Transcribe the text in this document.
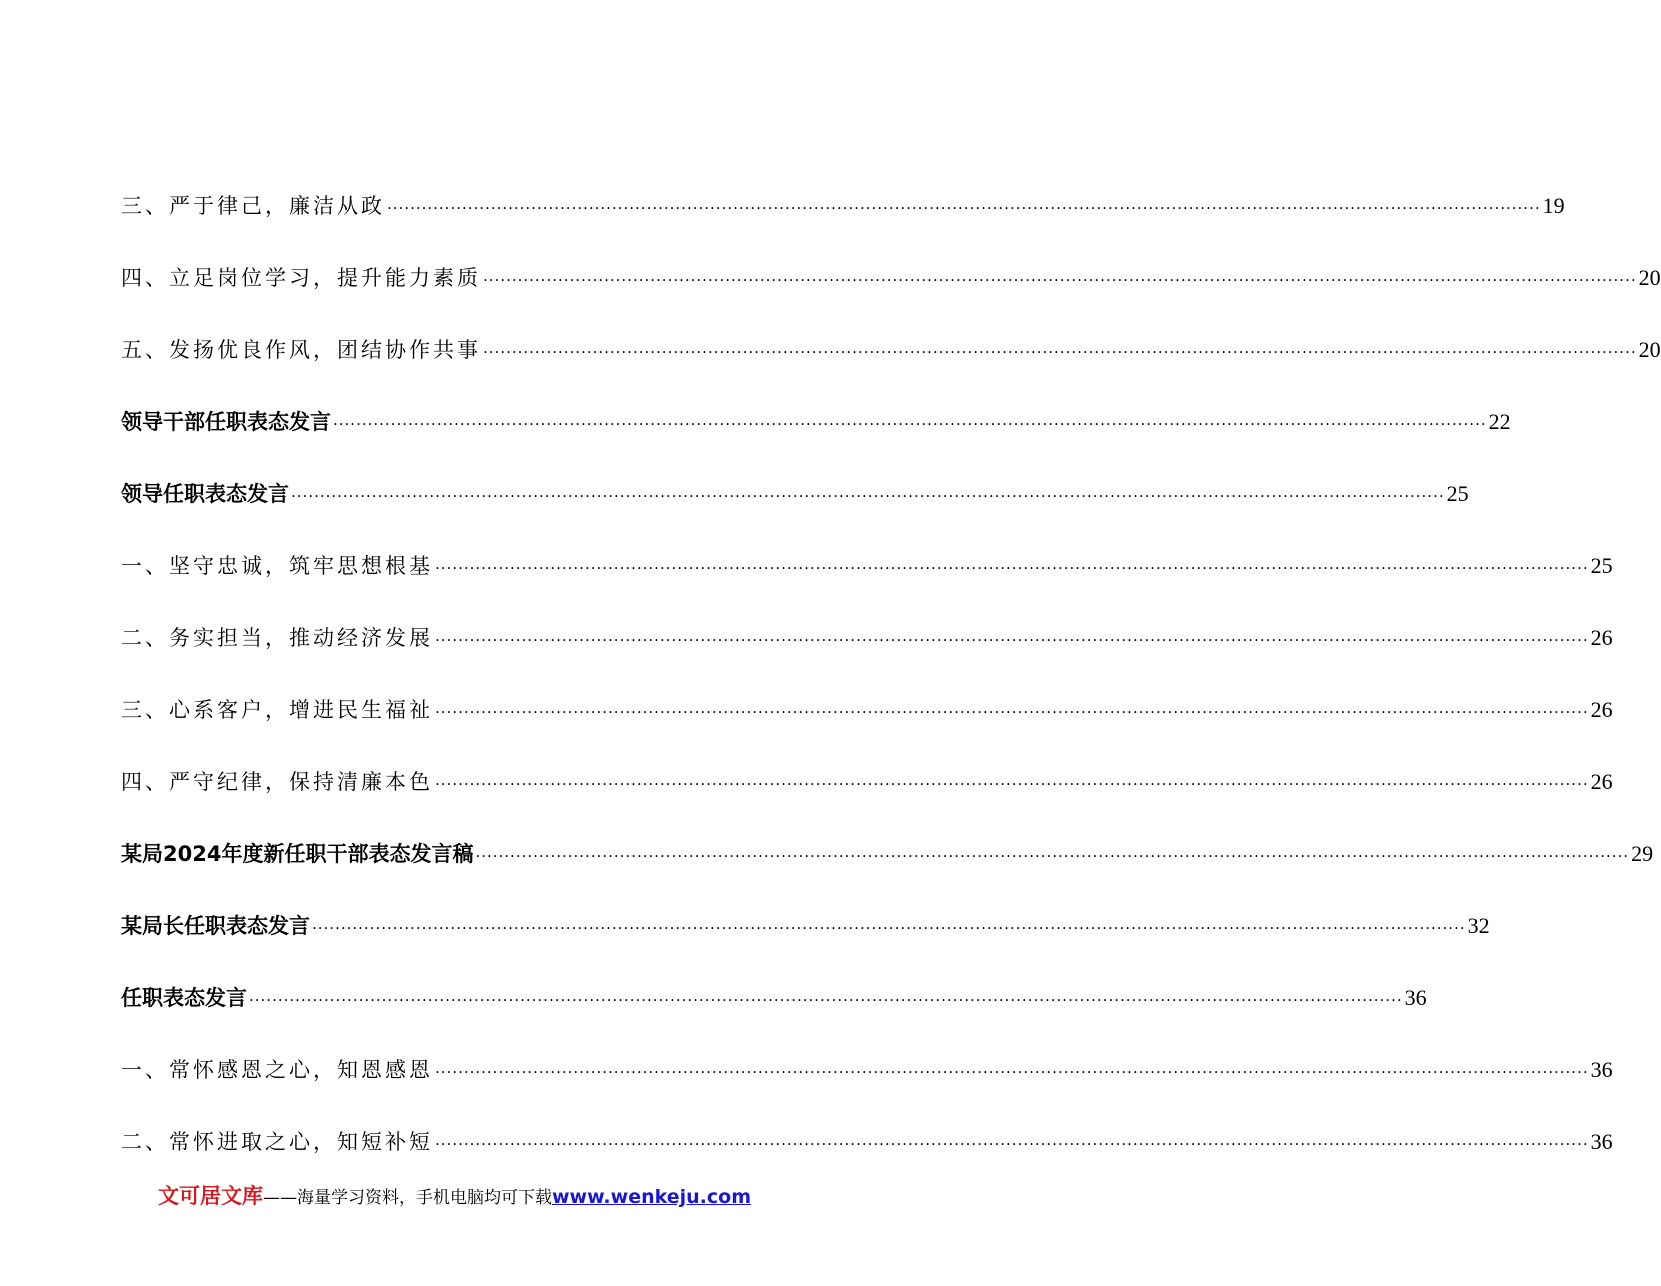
三、严于律己，廉洁从政 ........................................................................................................................................................................................................ 19
四、立足岗位学习，提升能力素质 ........................................................................................................................................................................................................ 20
五、发扬优良作风，团结协作共事 ........................................................................................................................................................................................................ 20
领导干部任职表态发言 ........................................................................................................................................................................................................ 22
领导任职表态发言 ........................................................................................................................................................................................................ 25
一、坚守忠诚，筑牢思想根基 ........................................................................................................................................................................................................ 25
二、务实担当，推动经济发展 ........................................................................................................................................................................................................ 26
三、心系客户，增进民生福祉 ........................................................................................................................................................................................................ 26
四、严守纪律，保持清廉本色 ........................................................................................................................................................................................................ 26
某局2024年度新任职干部表态发言稿 ........................................................................................................................................................................................................ 29
某局长任职表态发言 ........................................................................................................................................................................................................ 32
任职表态发言 ........................................................................................................................................................................................................ 36
一、常怀感恩之心，知恩感恩 ........................................................................................................................................................................................................ 36
二、常怀进取之心，知短补短 ........................................................................................................................................................................................................ 36
文可居文库——海量学习资料，手机电脑均可下载www.wenkeju.com
